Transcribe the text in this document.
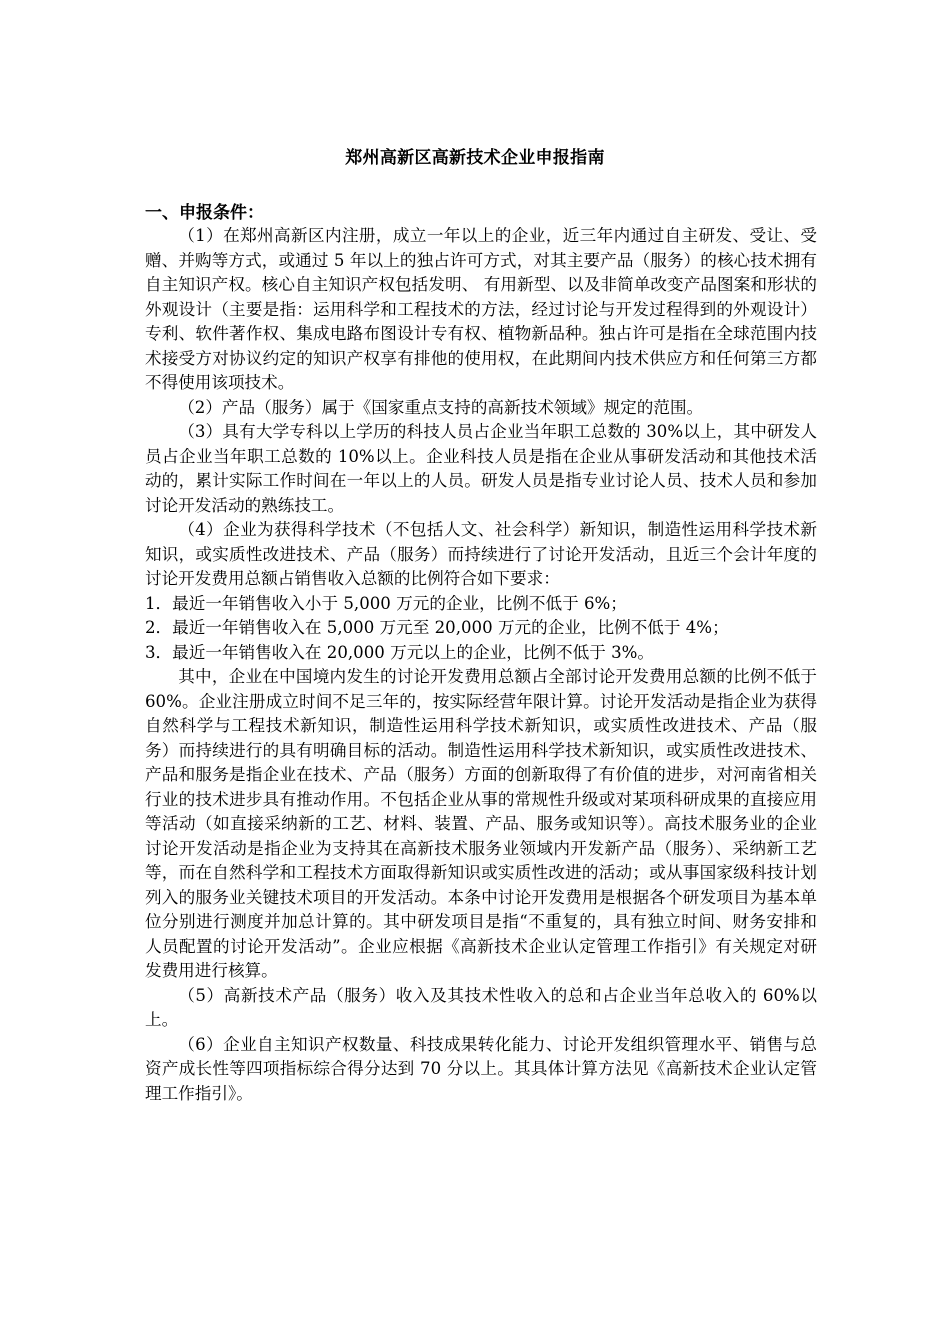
郑州高新区高新技术企业申报指南
一、申报条件：

（1）在郑州高新区内注册，成立一年以上的企业，近三年内通过自主研发、受让、受赠、并购等方式，或通过 5 年以上的独占许可方式，对其主要产品（服务）的核心技术拥有自主知识产权。核心自主知识产权包括发明、 有用新型、以及非简单改变产品图案和形状的外观设计（主要是指：运用科学和工程技术的方法，经过讨论与开发过程得到的外观设计）专利、软件著作权、集成电路布图设计专有权、植物新品种。独占许可是指在全球范围内技术接受方对协议约定的知识产权享有排他的使用权，在此期间内技术供应方和任何第三方都不得使用该项技术。

（2）产品（服务）属于《国家重点支持的高新技术领域》规定的范围。

（3）具有大学专科以上学历的科技人员占企业当年职工总数的 30%以上，其中研发人员占企业当年职工总数的 10%以上。企业科技人员是指在企业从事研发活动和其他技术活动的，累计实际工作时间在一年以上的人员。研发人员是指专业讨论人员、技术人员和参加讨论开发活动的熟练技工。

（4）企业为获得科学技术（不包括人文、社会科学）新知识，制造性运用科学技术新知识，或实质性改进技术、产品（服务）而持续进行了讨论开发活动，且近三个会计年度的讨论开发费用总额占销售收入总额的比例符合如下要求：

1．最近一年销售收入小于 5,000 万元的企业，比例不低于 6%；

2．最近一年销售收入在 5,000 万元至 20,000 万元的企业，比例不低于 4%；

3．最近一年销售收入在 20,000 万元以上的企业，比例不低于 3%。

其中，企业在中国境内发生的讨论开发费用总额占全部讨论开发费用总额的比例不低于 60%。企业注册成立时间不足三年的，按实际经营年限计算。讨论开发活动是指企业为获得自然科学与工程技术新知识，制造性运用科学技术新知识，或实质性改进技术、产品（服务）而持续进行的具有明确目标的活动。制造性运用科学技术新知识，或实质性改进技术、产品和服务是指企业在技术、产品（服务）方面的创新取得了有价值的进步，对河南省相关行业的技术进步具有推动作用。不包括企业从事的常规性升级或对某项科研成果的直接应用等活动（如直接采纳新的工艺、材料、装置、产品、服务或知识等）。高技术服务业的企业讨论开发活动是指企业为支持其在高新技术服务业领域内开发新产品（服务）、采纳新工艺等，而在自然科学和工程技术方面取得新知识或实质性改进的活动；或从事国家级科技计划列入的服务业关键技术项目的开发活动。本条中讨论开发费用是根据各个研发项目为基本单位分别进行测度并加总计算的。其中研发项目是指“不重复的，具有独立时间、财务安排和人员配置的讨论开发活动”。企业应根据《高新技术企业认定管理工作指引》有关规定对研发费用进行核算。

（5）高新技术产品（服务）收入及其技术性收入的总和占企业当年总收入的 60%以上。

（6）企业自主知识产权数量、科技成果转化能力、讨论开发组织管理水平、销售与总资产成长性等四项指标综合得分达到 70 分以上。其具体计算方法见《高新技术企业认定管理工作指引》。
